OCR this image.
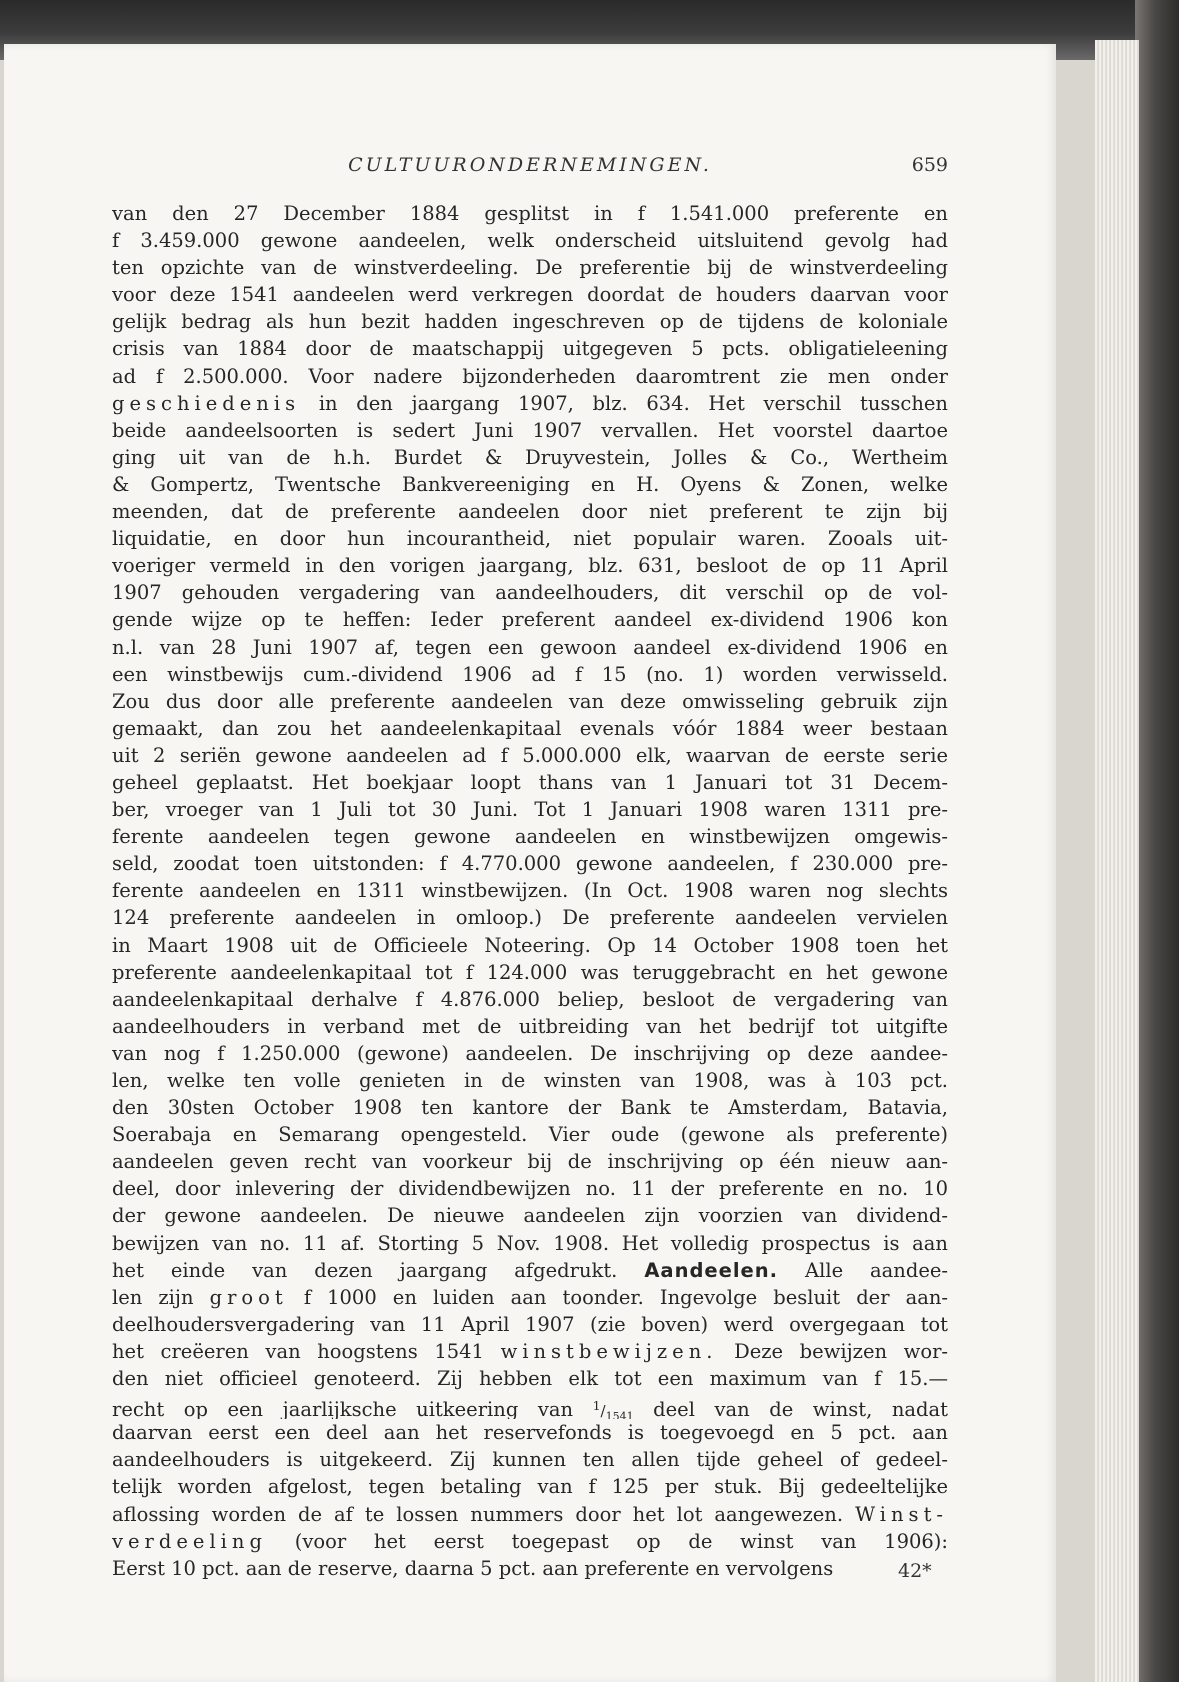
CULTUURONDERNEMINGEN.	659
van den 27 December 1884 gesplitst in f 1.541.000 preferente en
f 3.459.000 gewone aandeelen, welk onderscheid uitsluitend gevolg had
ten opzichte van de winstverdeeling. De preferentie bij de winstverdeeling
voor deze 1541 aandeelen werd verkregen doordat de houders daarvan voor
gelijk bedrag als hun bezit hadden ingeschreven op de tijdens de koloniale
crisis van 1884 door de maatschappij uitgegeven 5 pcts. obligatieleening
ad f 2.500.000. Voor nadere bijzonderheden daaromtrent zie men onder
geschiedenis in den jaargang 1907, blz. 634. Het verschil tusschen
beide aandeelsoorten is sedert Juni 1907 vervallen. Het voorstel daartoe
ging uit van de h.h. Burdet & Druyvestein, Jolles & Co., Wertheim
& Gompertz, Twentsche Bankvereeniging en H. Oyens & Zonen, welke
meenden, dat de preferente aandeelen door niet preferent te zijn bij
liquidatie, en door hun incourantheid, niet populair waren. Zooals uit-
voeriger vermeld in den vorigen jaargang, blz. 631, besloot de op 11 April
1907 gehouden vergadering van aandeelhouders, dit verschil op de vol-
gende wijze op te heffen: Ieder preferent aandeel ex-dividend 1906 kon
n.l. van 28 Juni 1907 af, tegen een gewoon aandeel ex-dividend 1906 en
een winstbewijs cum.-dividend 1906 ad f 15 (no. 1) worden verwisseld.
Zou dus door alle preferente aandeelen van deze omwisseling gebruik zijn
gemaakt, dan zou het aandeelenkapitaal evenals vóór 1884 weer bestaan
uit 2 seriën gewone aandeelen ad f 5.000.000 elk, waarvan de eerste serie
geheel geplaatst. Het boekjaar loopt thans van 1 Januari tot 31 Decem-
ber, vroeger van 1 Juli tot 30 Juni. Tot 1 Januari 1908 waren 1311 pre-
ferente aandeelen tegen gewone aandeelen en winstbewijzen omgewis-
seld, zoodat toen uitstonden: f 4.770.000 gewone aandeelen, f 230.000 pre-
ferente aandeelen en 1311 winstbewijzen. (In Oct. 1908 waren nog slechts
124 preferente aandeelen in omloop.) De preferente aandeelen vervielen
in Maart 1908 uit de Officieele Noteering. Op 14 October 1908 toen het
preferente aandeelenkapitaal tot f 124.000 was teruggebracht en het gewone
aandeelenkapitaal derhalve f 4.876.000 beliep, besloot de vergadering van
aandeelhouders in verband met de uitbreiding van het bedrijf tot uitgifte
van nog f 1.250.000 (gewone) aandeelen. De inschrijving op deze aandee-
len, welke ten volle genieten in de winsten van 1908, was à 103 pct.
den 30sten October 1908 ten kantore der Bank te Amsterdam, Batavia,
Soerabaja en Semarang opengesteld. Vier oude (gewone als preferente)
aandeelen geven recht van voorkeur bij de inschrijving op één nieuw aan-
deel, door inlevering der dividendbewijzen no. 11 der preferente en no. 10
der gewone aandeelen. De nieuwe aandeelen zijn voorzien van dividend-
bewijzen van no. 11 af. Storting 5 Nov. 1908. Het volledig prospectus is aan
het einde van dezen jaargang afgedrukt. Aandeelen. Alle aandee-
len zijn groot f 1000 en luiden aan toonder. Ingevolge besluit der aan-
deelhoudersvergadering van 11 April 1907 (zie boven) werd overgegaan tot
het creëeren van hoogstens 1541 winstbewijzen. Deze bewijzen wor-
den niet officieel genoteerd. Zij hebben elk tot een maximum van f 15.—
recht op een jaarlijksche uitkeering van $^1/_{1541}$ deel van de winst, nadat
daarvan eerst een deel aan het reservefonds is toegevoegd en 5 pct. aan
aandeelhouders is uitgekeerd. Zij kunnen ten allen tijde geheel of gedeel-
telijk worden afgelost, tegen betaling van f 125 per stuk. Bij gedeeltelijke
aflossing worden de af te lossen nummers door het lot aangewezen. Winst-
verdeeling (voor het eerst toegepast op de winst van 1906):
Eerst 10 pct. aan de reserve, daarna 5 pct. aan preferente en vervolgens	42*
